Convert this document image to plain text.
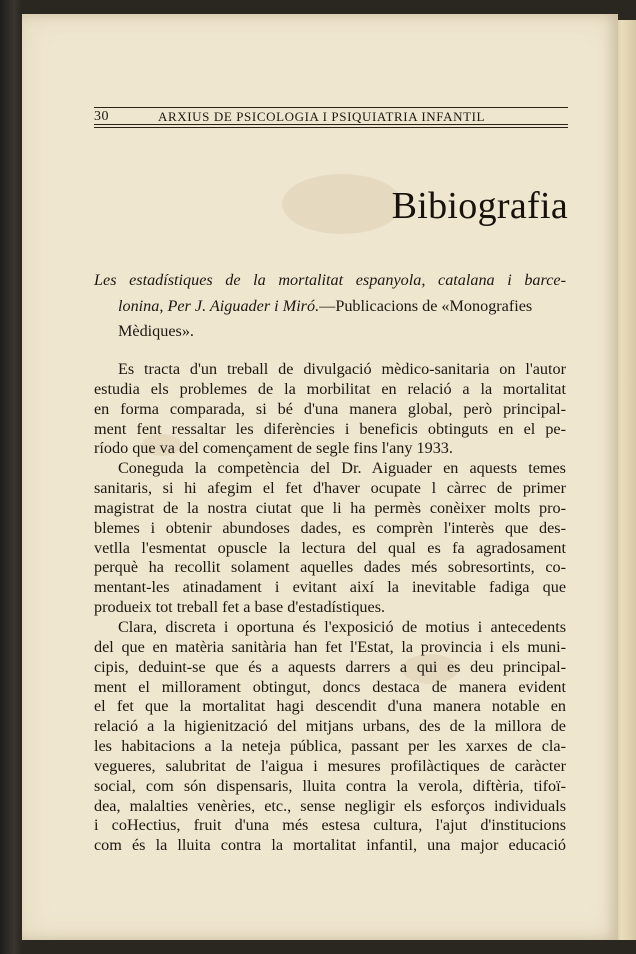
30	ARXIUS DE PSICOLOGIA I PSIQUIATRIA INFANTIL
Bibiografia

Les estadístiques de la mortalitat espanyola, catalana i barce-

lonina, Per J. Aiguader i Miró.—Publicacions de «Monografies

Mèdiques».

Es tracta d'un treball de divulgació mèdico-sanitaria on l'autor
estudia els problemes de la morbilitat en relació a la mortalitat
en forma comparada, si bé d'una manera global, però principal-
ment fent ressaltar les diferències i beneficis obtinguts en el pe-
ríodo que va del començament de segle fins l'any 1933.

Coneguda la competència del Dr. Aiguader en aquests temes
sanitaris, si hi afegim el fet d'haver ocupate l càrrec de primer
magistrat de la nostra ciutat que li ha permès conèixer molts pro-
blemes i obtenir abundoses dades, es comprèn l'interès que des-
vetlla l'esmentat opuscle la lectura del qual es fa agradosament
perquè ha recollit solament aquelles dades més sobresortints, co-
mentant-les atinadament i evitant així la inevitable fadiga que
produeix tot treball fet a base d'estadístiques.

Clara, discreta i oportuna és l'exposició de motius i antecedents
del que en matèria sanitària han fet l'Estat, la provincia i els muni-
cipis, deduint-se que és a aquests darrers a qui es deu principal-
ment el millorament obtingut, doncs destaca de manera evident
el fet que la mortalitat hagi descendit d'una manera notable en
relació a la higienització del mitjans urbans, des de la millora de
les habitacions a la neteja pública, passant per les xarxes de cla-
vegueres, salubritat de l'aigua i mesures profilàctiques de caràcter
social, com són dispensaris, lluita contra la verola, diftèria, tifoï-
dea, malalties venèries, etc., sense negligir els esforços individuals
i coHectius, fruit d'una més estesa cultura, l'ajut d'institucions
com és la lluita contra la mortalitat infantil, una major educació
